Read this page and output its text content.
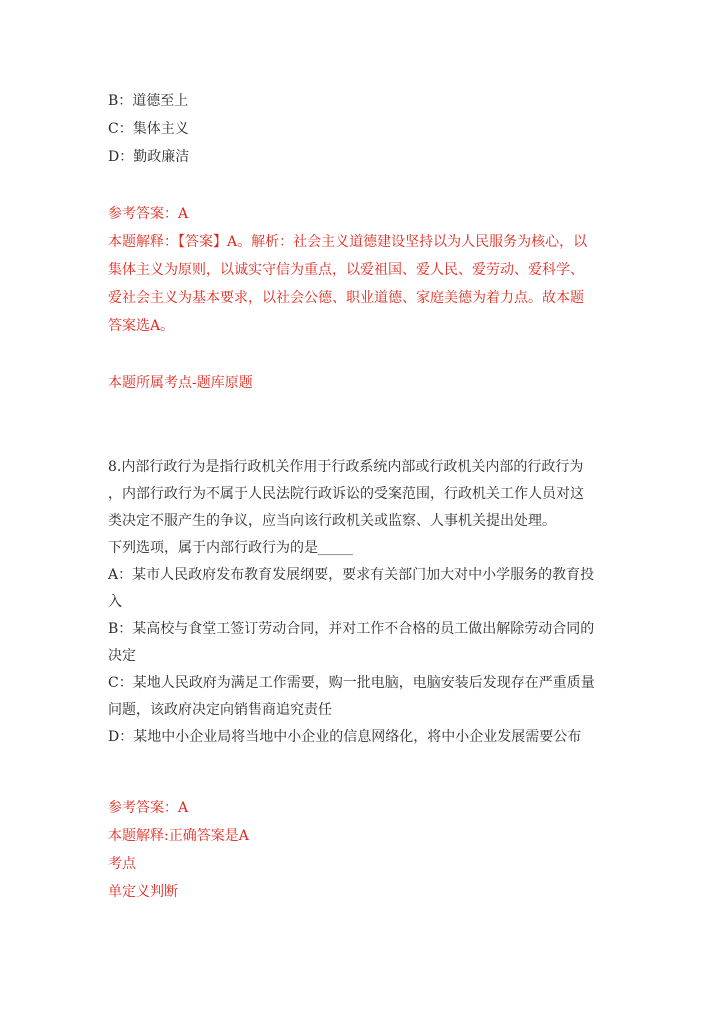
B：道德至上
C：集体主义
D：勤政廉洁
参考答案：A
本题解释：【答案】A。解析：社会主义道德建设坚持以为人民服务为核心，以
集体主义为原则，以诚实守信为重点，以爱祖国、爱人民、爱劳动、爱科学、
爱社会主义为基本要求，以社会公德、职业道德、家庭美德为着力点。故本题
答案选A。
本题所属考点-题库原题
8.内部行政行为是指行政机关作用于行政系统内部或行政机关内部的行政行为
，内部行政行为不属于人民法院行政诉讼的受案范围，行政机关工作人员对这
类决定不服产生的争议，应当向该行政机关或监察、人事机关提出处理。
下列选项，属于内部行政行为的是_____
A：某市人民政府发布教育发展纲要，要求有关部门加大对中小学服务的教育投
入
B：某高校与食堂工签订劳动合同，并对工作不合格的员工做出解除劳动合同的
决定
C：某地人民政府为满足工作需要，购一批电脑，电脑安装后发现存在严重质量
问题，该政府决定向销售商追究责任
D：某地中小企业局将当地中小企业的信息网络化，将中小企业发展需要公布
参考答案：A
本题解释:正确答案是A
考点
单定义判断
